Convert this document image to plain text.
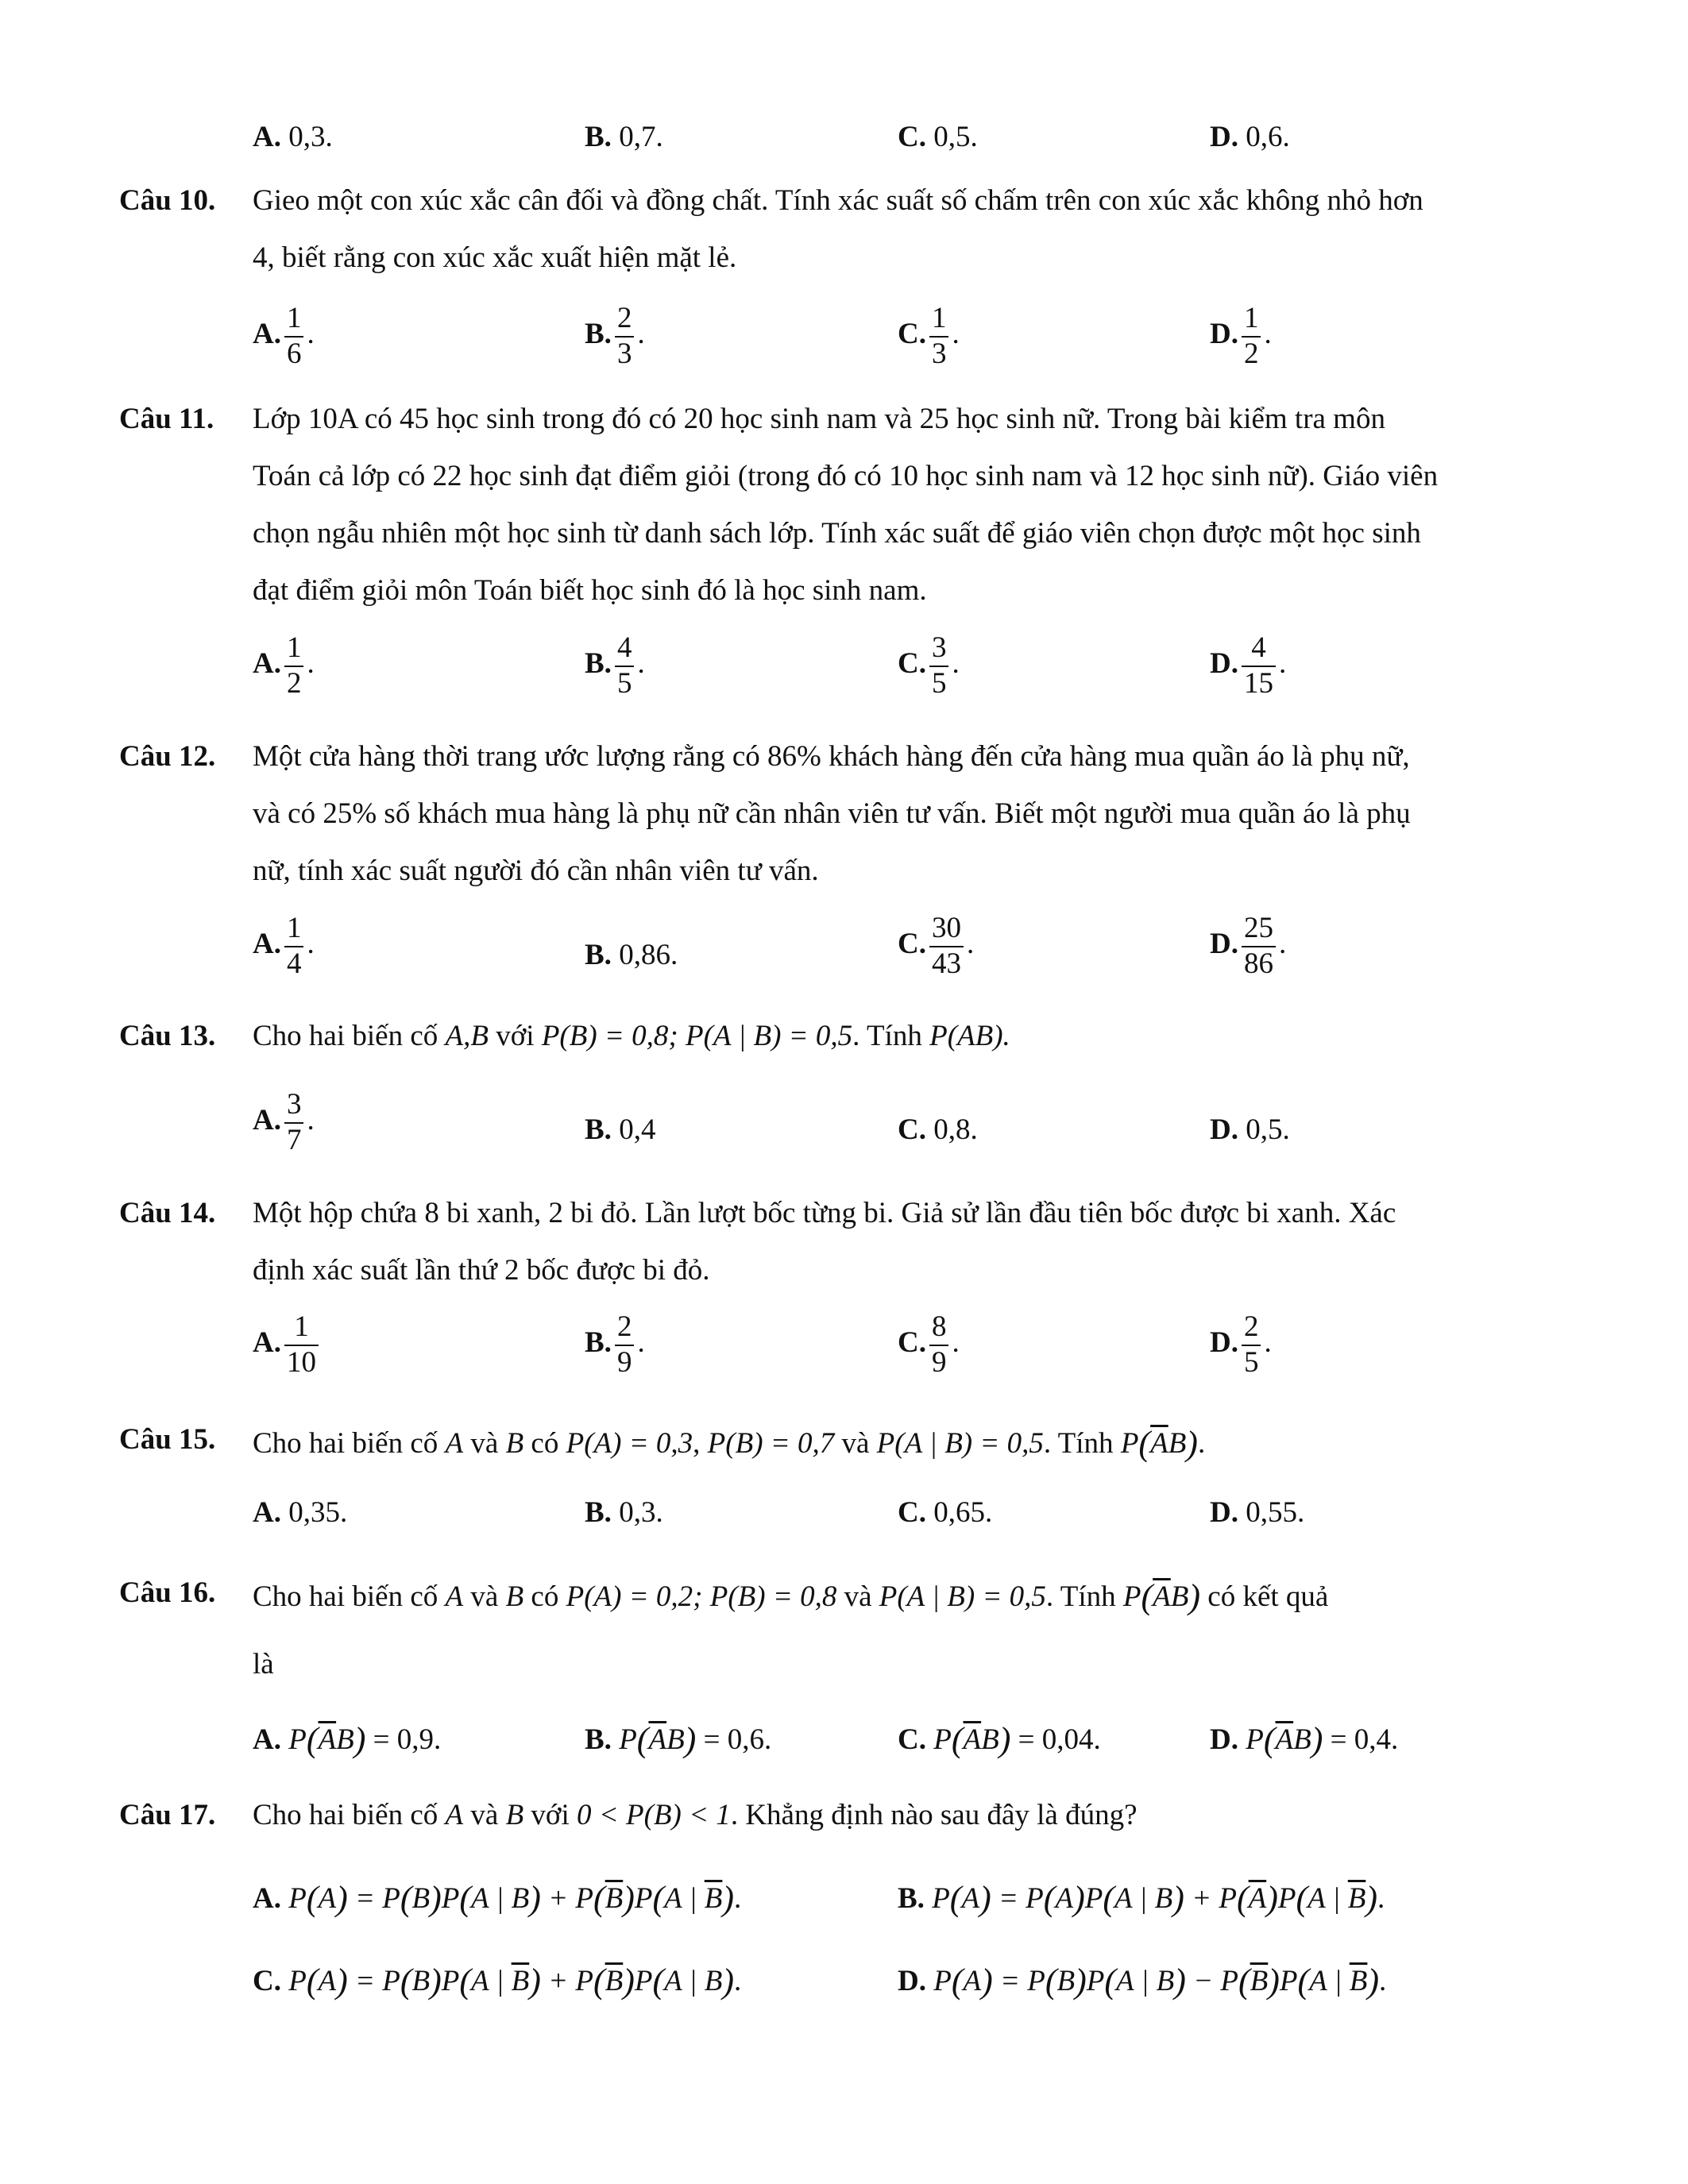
A. 0,3.	B. 0,7.	C. 0,5.	D. 0,6.
Câu 10. Gieo một con xúc xắc cân đối và đồng chất. Tính xác suất số chấm trên con xúc xắc không nhỏ hơn
4, biết rằng con xúc xắc xuất hiện mặt lẻ.
A. $\frac{1}{6}$ .	B. $\frac{2}{3}$ .	C. $\frac{1}{3}$ .	D. $\frac{1}{2}$ .
Câu 11. Lớp 10A có 45 học sinh trong đó có 20 học sinh nam và 25 học sinh nữ. Trong bài kiểm tra môn
Toán cả lớp có 22 học sinh đạt điểm giỏi (trong đó có 10 học sinh nam và 12 học sinh nữ). Giáo viên
chọn ngẫu nhiên một học sinh từ danh sách lớp. Tính xác suất để giáo viên chọn được một học sinh
đạt điểm giỏi môn Toán biết học sinh đó là học sinh nam.
A. $\frac{1}{2}$ .	B. $\frac{4}{5}$ .	C. $\frac{3}{5}$ .	D. $\frac{4}{15}$ .
Câu 12. Một cửa hàng thời trang ước lượng rằng có 86% khách hàng đến cửa hàng mua quần áo là phụ nữ,
và có 25% số khách mua hàng là phụ nữ cần nhân viên tư vấn. Biết một người mua quần áo là phụ
nữ, tính xác suất người đó cần nhân viên tư vấn.
A. $\frac{1}{4}$ .	B. 0,86.	C. $\frac{30}{43}$ .	D. $\frac{25}{86}$ .
Câu 13. Cho hai biến cố A,B với P(B) = 0,8; P(A | B) = 0,5. Tính P(AB).
A. $\frac{3}{7}$ .	B. 0,4	C. 0,8.	D. 0,5.
Câu 14. Một hộp chứa 8 bi xanh, 2 bi đỏ. Lần lượt bốc từng bi. Giả sử lần đầu tiên bốc được bi xanh. Xác
định xác suất lần thứ 2 bốc được bi đỏ.
A. $\frac{1}{10}$	B. $\frac{2}{9}$ .	C. $\frac{8}{9}$ .	D. $\frac{2}{5}$ .
Câu 15. Cho hai biến cố A và B có P(A) = 0,3, P(B) = 0,7 và P(A | B) = 0,5. Tính $P(\overline{A}B)$.
A. 0,35.	B. 0,3.	C. 0,65.	D. 0,55.
Câu 16. Cho hai biến cố A và B có P(A) = 0,2; P(B) = 0,8 và P(A | B) = 0,5. Tính $P(\overline{A}B)$ có kết quả
là
A. $P(\overline{A}B) = 0,9$.	B. $P(\overline{A}B) = 0,6$.	C. $P(\overline{A}B) = 0,04$.	D. $P(\overline{A}B) = 0,4$.
Câu 17. Cho hai biến cố A và B với 0 < P(B) < 1. Khẳng định nào sau đây là đúng?
A. P(A) = P(B)P(A | $B) + P(\overline{B})P(A$ | $\overline{B}$).	B. P(A) = P(A)P(A | $B) + P(\overline{A})P(A$ | $\overline{B}$).
C. P(A) = P(B)P(A | $\overline{B}) + P(\overline{B})P(A$ | B).	D. P(A) = P(B)P(A | $B) - P(\overline{B})P(A$ | $\overline{B}$).
